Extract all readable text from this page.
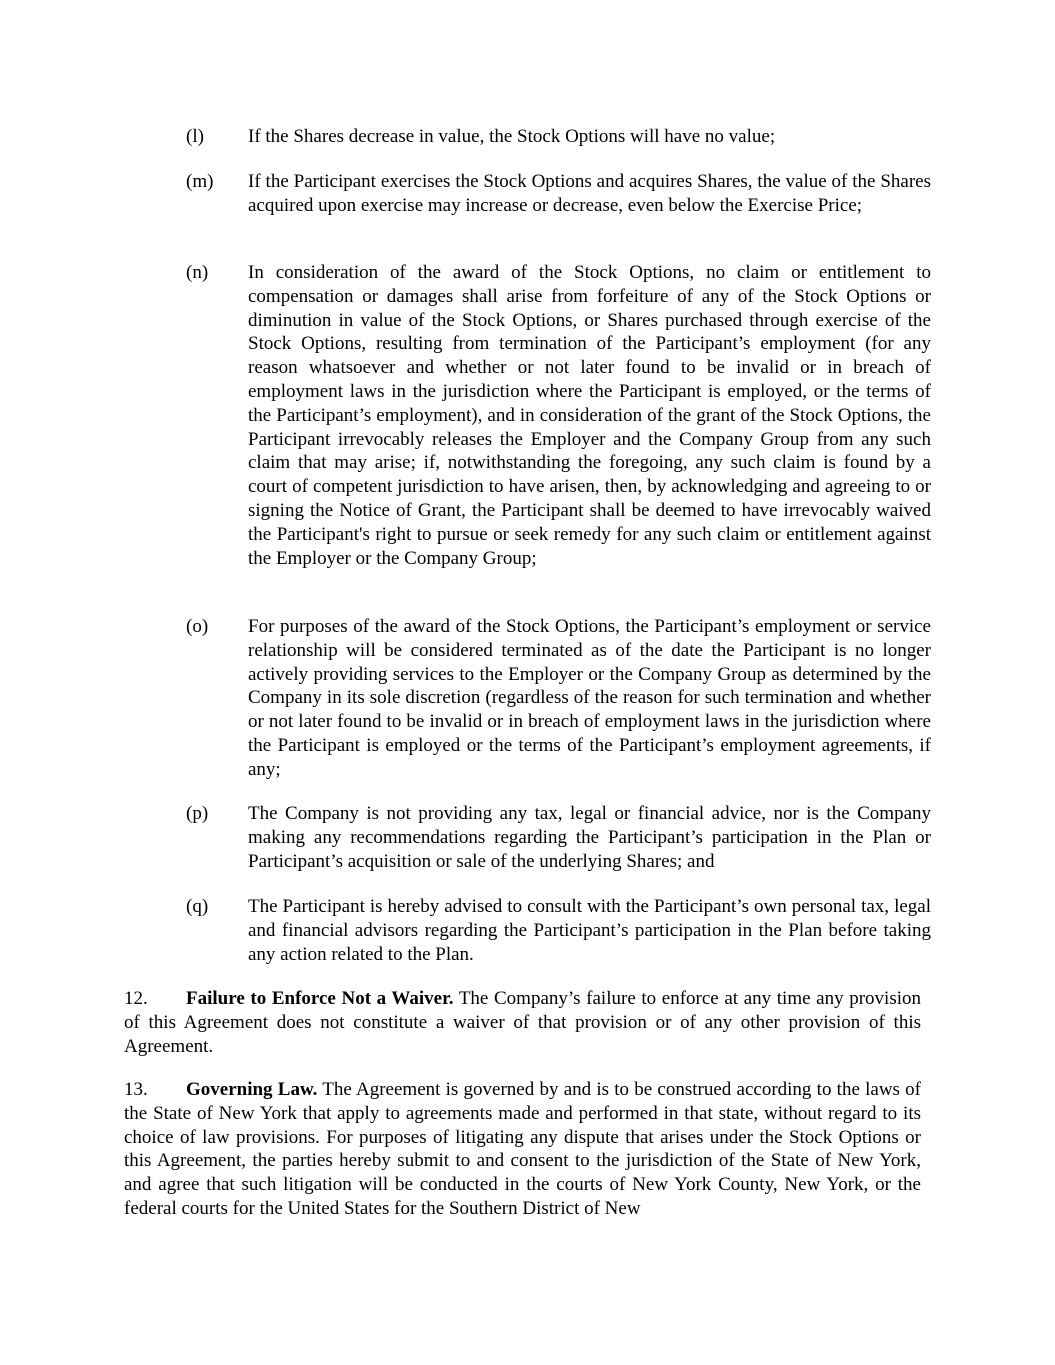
(l) If the Shares decrease in value, the Stock Options will have no value;
(m) If the Participant exercises the Stock Options and acquires Shares, the value of the Shares acquired upon exercise may increase or decrease, even below the Exercise Price;
(n) In consideration of the award of the Stock Options, no claim or entitlement to compensation or damages shall arise from forfeiture of any of the Stock Options or diminution in value of the Stock Options, or Shares purchased through exercise of the Stock Options, resulting from termination of the Participant’s employment (for any reason whatsoever and whether or not later found to be invalid or in breach of employment laws in the jurisdiction where the Participant is employed, or the terms of the Participant’s employment), and in consideration of the grant of the Stock Options, the Participant irrevocably releases the Employer and the Company Group from any such claim that may arise; if, notwithstanding the foregoing, any such claim is found by a court of competent jurisdiction to have arisen, then, by acknowledging and agreeing to or signing the Notice of Grant, the Participant shall be deemed to have irrevocably waived the Participant's right to pursue or seek remedy for any such claim or entitlement against the Employer or the Company Group;
(o) For purposes of the award of the Stock Options, the Participant’s employment or service relationship will be considered terminated as of the date the Participant is no longer actively providing services to the Employer or the Company Group as determined by the Company in its sole discretion (regardless of the reason for such termination and whether or not later found to be invalid or in breach of employment laws in the jurisdiction where the Participant is employed or the terms of the Participant’s employment agreements, if any;
(p) The Company is not providing any tax, legal or financial advice, nor is the Company making any recommendations regarding the Participant’s participation in the Plan or Participant’s acquisition or sale of the underlying Shares; and
(q) The Participant is hereby advised to consult with the Participant’s own personal tax, legal and financial advisors regarding the Participant’s participation in the Plan before taking any action related to the Plan.
12. Failure to Enforce Not a Waiver. The Company’s failure to enforce at any time any provision of this Agreement does not constitute a waiver of that provision or of any other provision of this Agreement.
13. Governing Law. The Agreement is governed by and is to be construed according to the laws of the State of New York that apply to agreements made and performed in that state, without regard to its choice of law provisions. For purposes of litigating any dispute that arises under the Stock Options or this Agreement, the parties hereby submit to and consent to the jurisdiction of the State of New York, and agree that such litigation will be conducted in the courts of New York County, New York, or the federal courts for the United States for the Southern District of New
